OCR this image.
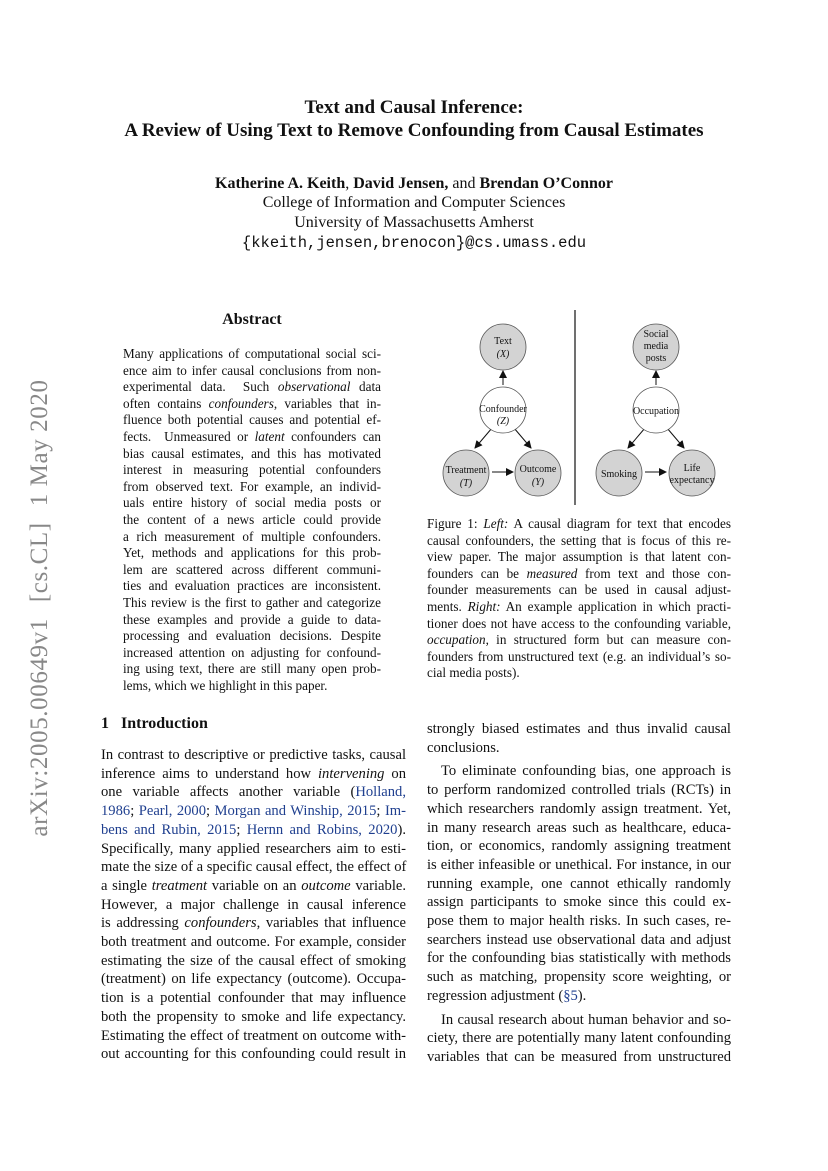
arXiv:2005.00649v1[cs.CL]1 May 2020
Text and Causal Inference:
A Review of Using Text to Remove Confounding from Causal Estimates
Katherine A. Keith, David Jensen, and Brendan O’Connor
College of Information and Computer Sciences
University of Massachusetts Amherst
{kkeith,jensen,brenocon}@cs.umass.edu
Abstract
Many applications of computational social sci-
ence aim to infer causal conclusions from non-
experimental data.  Such observational data
often contains confounders, variables that in-
fluence both potential causes and potential ef-
fects.  Unmeasured or latent confounders can
bias causal estimates, and this has motivated
interest in measuring potential confounders
from observed text. For example, an individ-
uals entire history of social media posts or
the content of a news article could provide
a rich measurement of multiple confounders.
Yet, methods and applications for this prob-
lem are scattered across different communi-
ties and evaluation practices are inconsistent.
This review is the first to gather and categorize
these examples and provide a guide to data-
processing and evaluation decisions. Despite
increased attention on adjusting for confound-
ing using text, there are still many open prob-
lems, which we highlight in this paper.
Text
(X)
Confounder
(Z)
Treatment
(T)
Outcome
(Y)
Social
media
posts
Occupation
Smoking
Life
expectancy
Figure 1: Left: A causal diagram for text that encodes
causal confounders, the setting that is focus of this re-
view paper. The major assumption is that latent con-
founders can be measured from text and those con-
founder measurements can be used in causal adjust-
ments. Right: An example application in which practi-
tioner does not have access to the confounding variable,
occupation, in structured form but can measure con-
founders from unstructured text (e.g. an individual’s so-
cial media posts).
1 Introduction
In contrast to descriptive or predictive tasks, causal
inference aims to understand how intervening on
one variable affects another variable (Holland,
1986; Pearl, 2000; Morgan and Winship, 2015; Im-
bens and Rubin, 2015; Hernn and Robins, 2020).
Specifically, many applied researchers aim to esti-
mate the size of a specific causal effect, the effect of
a single treatment variable on an outcome variable.
However, a major challenge in causal inference
is addressing confounders, variables that influence
both treatment and outcome. For example, consider
estimating the size of the causal effect of smoking
(treatment) on life expectancy (outcome). Occupa-
tion is a potential confounder that may influence
both the propensity to smoke and life expectancy.
Estimating the effect of treatment on outcome with-
out accounting for this confounding could result in
strongly biased estimates and thus invalid causal
conclusions.
To eliminate confounding bias, one approach is
to perform randomized controlled trials (RCTs) in
which researchers randomly assign treatment. Yet,
in many research areas such as healthcare, educa-
tion, or economics, randomly assigning treatment
is either infeasible or unethical. For instance, in our
running example, one cannot ethically randomly
assign participants to smoke since this could ex-
pose them to major health risks. In such cases, re-
searchers instead use observational data and adjust
for the confounding bias statistically with methods
such as matching, propensity score weighting, or
regression adjustment (§5).
In causal research about human behavior and so-
ciety, there are potentially many latent confounding
variables that can be measured from unstructured
